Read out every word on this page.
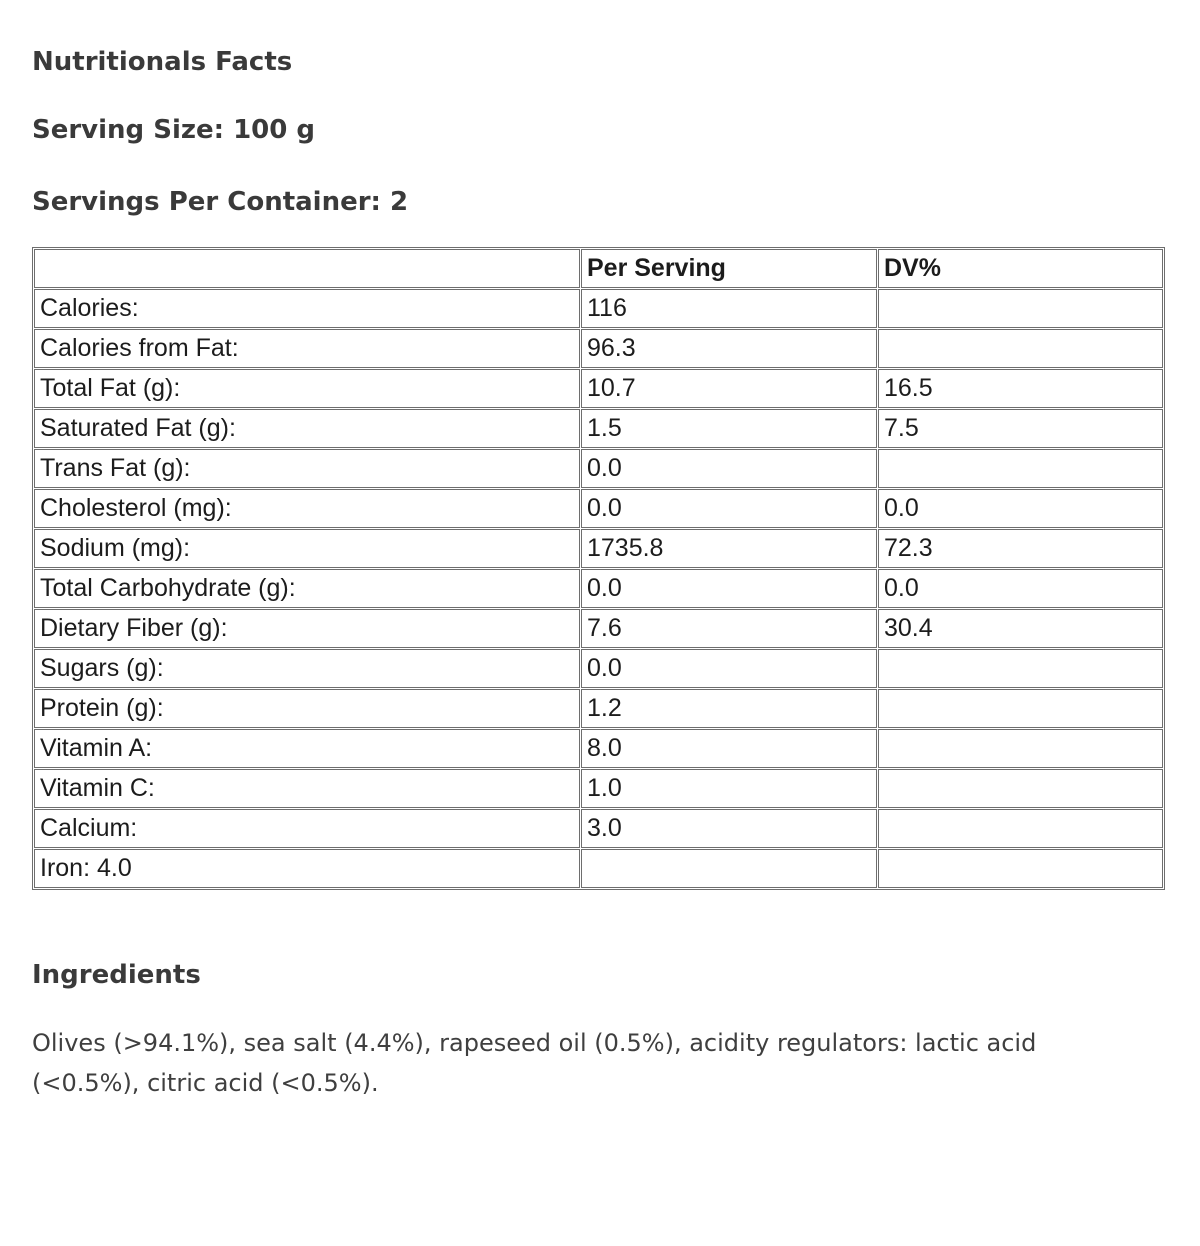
Nutritionals Facts
Serving Size: 100 g
Servings Per Container: 2
	Per Serving	DV%
Calories:	116	
Calories from Fat:	96.3	
Total Fat (g):	10.7	16.5
Saturated Fat (g):	1.5	7.5
Trans Fat (g):	0.0	
Cholesterol (mg):	0.0	0.0
Sodium (mg):	1735.8	72.3
Total Carbohydrate (g):	0.0	0.0
Dietary Fiber (g):	7.6	30.4
Sugars (g):	0.0	
Protein (g):	1.2	
Vitamin A:	8.0	
Vitamin C:	1.0	
Calcium:	3.0	
Iron: 4.0		
Ingredients
Olives (>94.1%), sea salt (4.4%), rapeseed oil (0.5%), acidity regulators: lactic acid
(<0.5%), citric acid (<0.5%).
